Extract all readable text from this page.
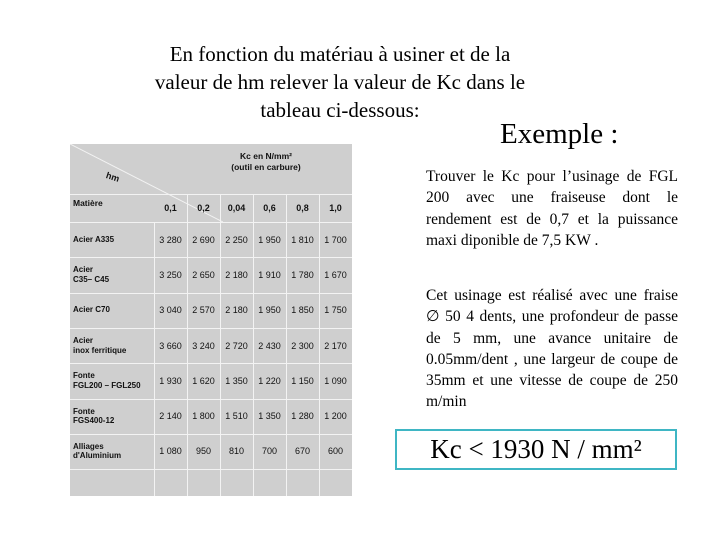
En fonction du matériau à usiner et de la
valeur de hm relever la valeur de Kc dans le
tableau ci-dessous:
Kc en N/mm²
(outil en carbure)
hm
Matière	0,1	0,2	0,04	0,6	0,8	1,0
Acier A335	3 280	2 690	2 250	1 950	1 810	1 700
Acier
C35– C45	3 250	2 650	2 180	1 910	1 780	1 670
Acier C70	3 040	2 570	2 180	1 950	1 850	1 750
Acier
inox ferritique	3 660	3 240	2 720	2 430	2 300	2 170
Fonte
FGL200 – FGL250	1 930	1 620	1 350	1 220	1 150	1 090
Fonte
FGS400-12	2 140	1 800	1 510	1 350	1 280	1 200
Alliages
d'Aluminium	1 080	950	810	700	670	600
Exemple :
Trouver le Kc pour l’usinage de FGL 200 avec une fraiseuse dont le rendement est de 0,7 et la puissance maxi diponible de 7,5 KW .
Cet usinage est réalisé avec une fraise ∅ 50 4 dents, une profondeur de passe de 5 mm, une avance unitaire de 0.05mm/dent , une largeur de coupe de 35mm et une vitesse de coupe de 250 m/min
Kc < 1930 N / mm²
